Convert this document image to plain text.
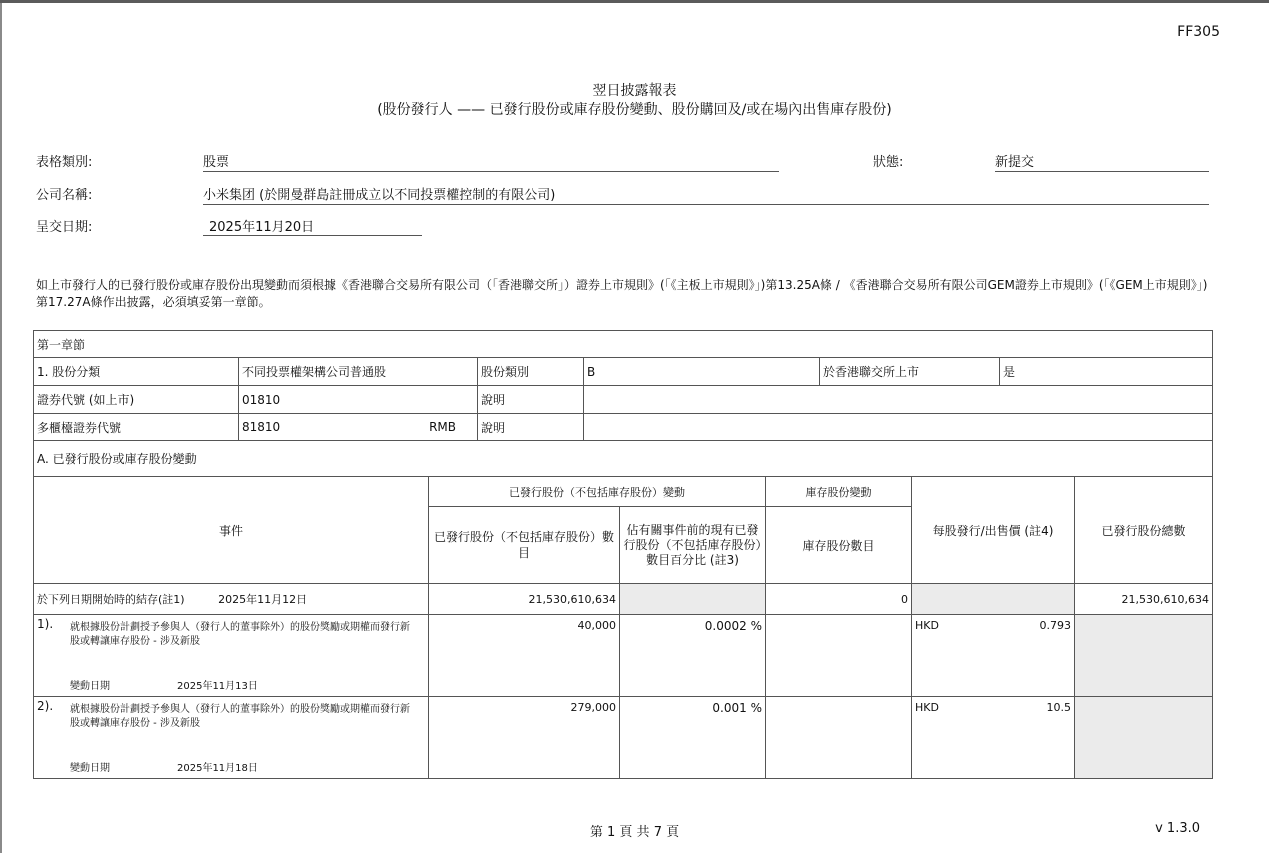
FF305
翌日披露報表
(股份發行人 —— 已發行股份或庫存股份變動、股份購回及/或在場內出售庫存股份)
表格類別:	股票	狀態:	新提交
公司名稱:	小米集团 (於開曼群島註冊成立以不同投票權控制的有限公司)
呈交日期:	2025年11月20日
如上市發行人的已發行股份或庫存股份出現變動而須根據《香港聯合交易所有限公司（「香港聯交所」）證券上市規則》(「《主板上市規則》」)第13.25A條 / 《香港聯合交易所有限公司GEM證券上市規則》(「《GEM上市規則》」)第17.27A條作出披露，必須填妥第一章節。
第一章節					
1. 股份分類	不同投票權架構公司普通股	股份類別	B	於香港聯交所上市	是
證券代號 (如上市)	01810	說明			
多櫃檯證券代號	81810 RMB	說明			
A. 已發行股份或庫存股份變動					
事件	已發行股份（不包括庫存股份）變動		庫存股份變動	每股發行/出售價 (註4)	已發行股份總數
	已發行股份（不包括庫存股份）數目	佔有關事件前的現有已發行股份（不包括庫存股份）數目百分比 (註3)	庫存股份數目		
於下列日期開始時的結存(註1) 2025年11月12日	21,530,610,634		0		21,530,610,634

1). 就根據股份計劃授予參與人（發行人的董事除外）的股份獎勵或期權而發行新股或轉讓庫存股份 - 涉及新股
變動日期 2025年11月13日	40,000	0.0002 %		HKD 0.793	

2). 就根據股份計劃授予參與人（發行人的董事除外）的股份獎勵或期權而發行新股或轉讓庫存股份 - 涉及新股
變動日期 2025年11月18日	279,000	0.001 %		HKD 10.5	

第 1 頁 共 7 頁	v 1.3.0
